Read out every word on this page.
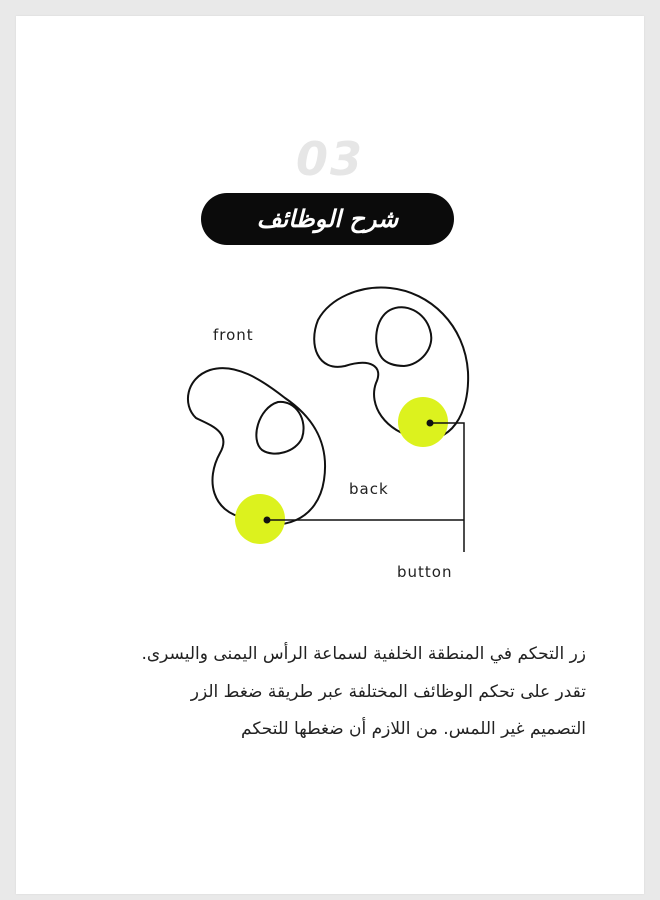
03
شرح الوظائف
front
back
button
زر التحكم في المنطقة الخلفية لسماعة الرأس اليمنى واليسرى.
تقدر على تحكم الوظائف المختلفة عبر طريقة ضغط الزر
التصميم غير اللمس. من اللازم أن ضغطها للتحكم
